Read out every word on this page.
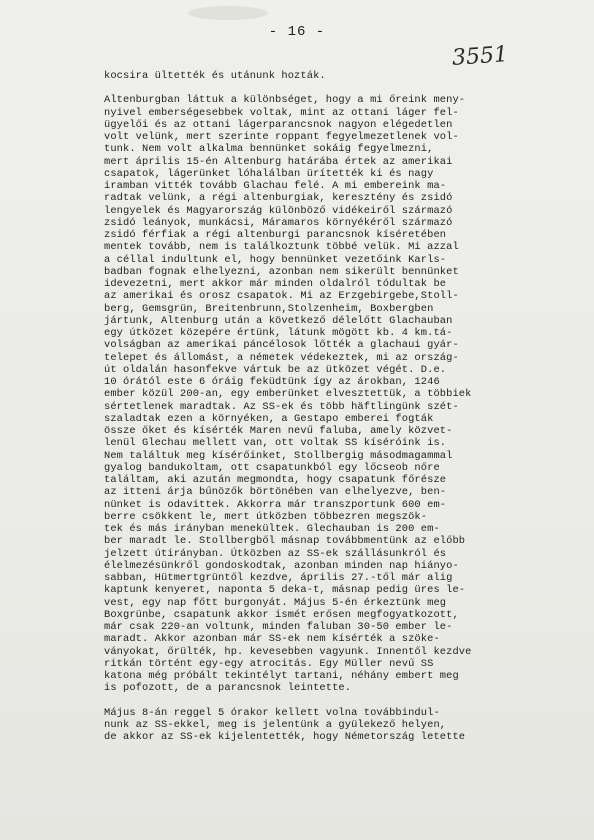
- 16 -
3551
kocsira ültették és utánunk hozták.
Altenburgban láttuk a különbséget, hogy a mi őreink meny-
nyivel emberségesebbek voltak, mint az ottani láger fel-
ügyelői és az ottani lágerparancsnok nagyon elégedetlen
volt velünk, mert szerinte roppant fegyelmezetlenek vol-
tunk. Nem volt alkalma bennünket sokáig fegyelmezni,
mert április 15-én Altenburg határába értek az amerikai
csapatok, lágerünket lóhalálban ürítették ki és nagy
iramban vitték tovább Glachau felé. A mi embereink ma-
radtak velünk, a régi altenburgiak, keresztény és zsidó
lengyelek és Magyarország különböző vidékeiről származó
zsidó leányok, munkácsi, Máramaros környékéről származó
zsidó férfiak a régi altenburgi parancsnok kíséretében
mentek tovább, nem is találkoztunk többé velük. Mi azzal
a céllal indultunk el, hogy bennünket vezetőink Karls-
badban fognak elhelyezni, azonban nem sikerült bennünket
idevezetni, mert akkor már minden oldalról tódultak be
az amerikai és orosz csapatok. Mi az Erzgebirgebe,Stoll-
berg, Gemsgrün, Breitenbrunn,Stolzenheim, Boxbergben
jártunk, Altenburg után a következő délelőtt Glachauban
egy útközet közepére értünk, látunk mögött kb. 4 km.tá-
volságban az amerikai páncélosok lőtték a glachaui gyár-
telepet és állomást, a németek védekeztek, mi az ország-
út oldalán hasonfekve vártuk be az ütközet végét. D.e.
10 órától este 6 óráig feküdtünk így az árokban, 1246
ember közül 200-an, egy emberünket elvesztettük, a többiek
sértetlenek maradtak. Az SS-ek és több häftlingünk szét-
szaladtak ezen a környéken, a Gestapo emberei fogták
össze őket és kísérték Maren nevű faluba, amely közvet-
lenül Glechau mellett van, ott voltak SS kíséróink is.
Nem találtuk meg kísérőinket, Stollbergig másodmagammal
gyalog bandukoltam, ott csapatunkból egy lőcseob nőre
találtam, aki azután megmondta, hogy csapatunk főrésze
az itteni árja bűnözők börtönében van elhelyezve, ben-
nünket is odavittek. Akkorra már transzportunk 600 em-
berre csökkent le, mert útközben többezren megszök-
tek és más irányban menekültek. Glechauban is 200 em-
ber maradt le. Stollbergből másnap továbbmentünk az előbb
jelzett útirányban. Útközben az SS-ek szállásunkról és
élelmezésünkről gondoskodtak, azonban minden nap hiányo-
sabban, Hütmertgrüntől kezdve, április 27.-től már alig
kaptunk kenyeret, naponta 5 deka-t, másnap pedig üres le-
vest, egy nap főtt burgonyát. Május 5-én érkeztünk meg
Boxgrünbe, csapatunk akkor ismét erősen megfogyatkozott,
már csak 220-an voltunk, minden faluban 30-50 ember le-
maradt. Akkor azonban már SS-ek nem kísérték a szöke-
ványokat, őrülték, hp. kevesebben vagyunk. Innentől kezdve
ritkán történt egy-egy atrocitás. Egy Müller nevű SS
katona még próbált tekintélyt tartani, néhány embert meg
is pofozott, de a parancsnok leintette.
Május 8-án reggel 5 órakor kellett volna továbbindul-
nunk az SS-ekkel, meg is jelentünk a gyülekező helyen,
de akkor az SS-ek kijelentették, hogy Németország letette
